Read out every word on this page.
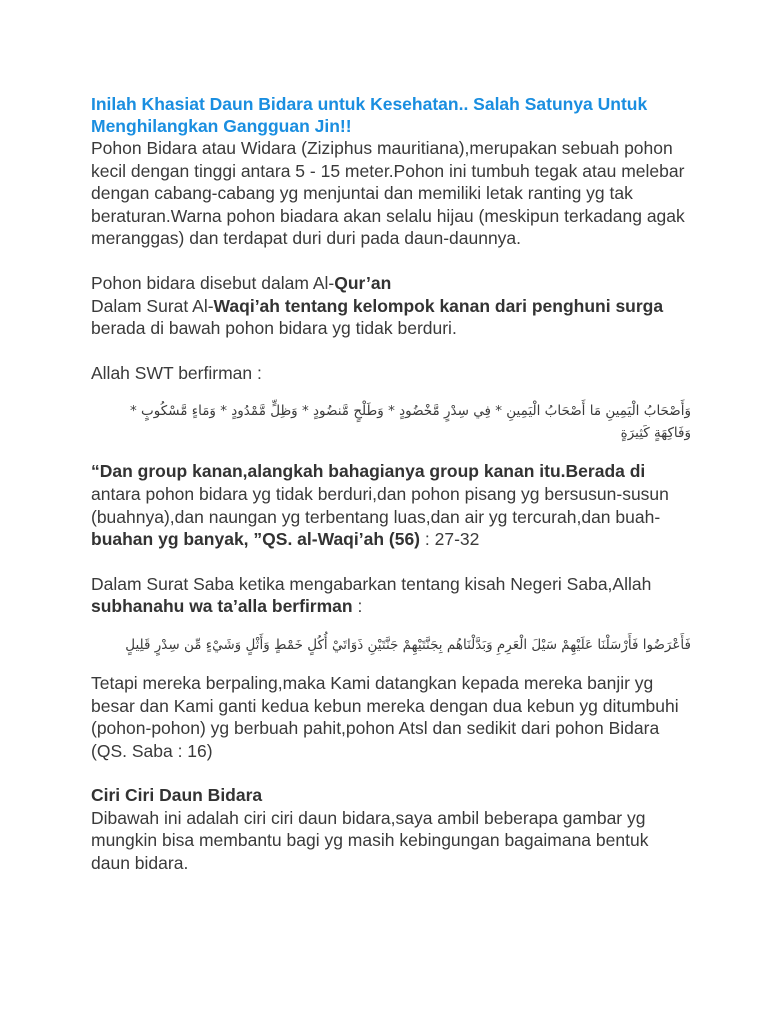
Inilah Khasiat Daun Bidara untuk Kesehatan.. Salah Satunya Untuk Menghilangkan Gangguan Jin!!

Pohon Bidara atau Widara (Ziziphus mauritiana),merupakan sebuah pohon kecil dengan tinggi antara 5 - 15 meter.Pohon ini tumbuh tegak atau melebar dengan cabang-cabang yg menjuntai dan memiliki letak ranting yg tak beraturan.Warna pohon biadara akan selalu hijau (meskipun terkadang agak meranggas) dan terdapat duri duri pada daun-daunnya.

Pohon bidara disebut dalam Al-Qur’an

Dalam Surat Al-Waqi’ah tentang kelompok kanan dari penghuni surga berada di bawah pohon bidara yg tidak berduri.

Allah SWT berfirman :

وَأَصْحَابُ الْيَمِينِ مَا أَصْحَابُ الْيَمِينِ * فِي سِدْرٍ مَّخْضُودٍ * وَطَلْحٍ مَّنضُودٍ * وَظِلٍّ مَّمْدُودٍ * وَمَاءٍ مَّسْكُوبٍ * وَفَاكِهَةٍ كَثِيرَةٍ

“Dan group kanan,alangkah bahagianya group kanan itu.Berada di antara pohon bidara yg tidak berduri,dan pohon pisang yg bersusun-susun (buahnya),dan naungan yg terbentang luas,dan air yg tercurah,dan buah-buahan yg banyak, ”QS. al-Waqi’ah (56) : 27-32

Dalam Surat Saba ketika mengabarkan tentang kisah Negeri Saba,Allah subhanahu wa ta’alla berfirman :

فَأَعْرَضُوا فَأَرْسَلْنَا عَلَيْهِمْ سَيْلَ الْعَرِمِ وَبَدَّلْنَاهُم بِجَنَّتَيْهِمْ جَنَّتَيْنِ ذَوَاتَيْ أُكُلٍ خَمْطٍ وَأَثْلٍ وَشَيْءٍ مِّن سِدْرٍ قَلِيلٍ

Tetapi mereka berpaling,maka Kami datangkan kepada mereka banjir yg besar dan Kami ganti kedua kebun mereka dengan dua kebun yg ditumbuhi (pohon-pohon) yg berbuah pahit,pohon Atsl dan sedikit dari pohon Bidara (QS. Saba : 16)

Ciri Ciri Daun Bidara

Dibawah ini adalah ciri ciri daun bidara,saya ambil beberapa gambar yg mungkin bisa membantu bagi yg masih kebingungan bagaimana bentuk daun bidara.
